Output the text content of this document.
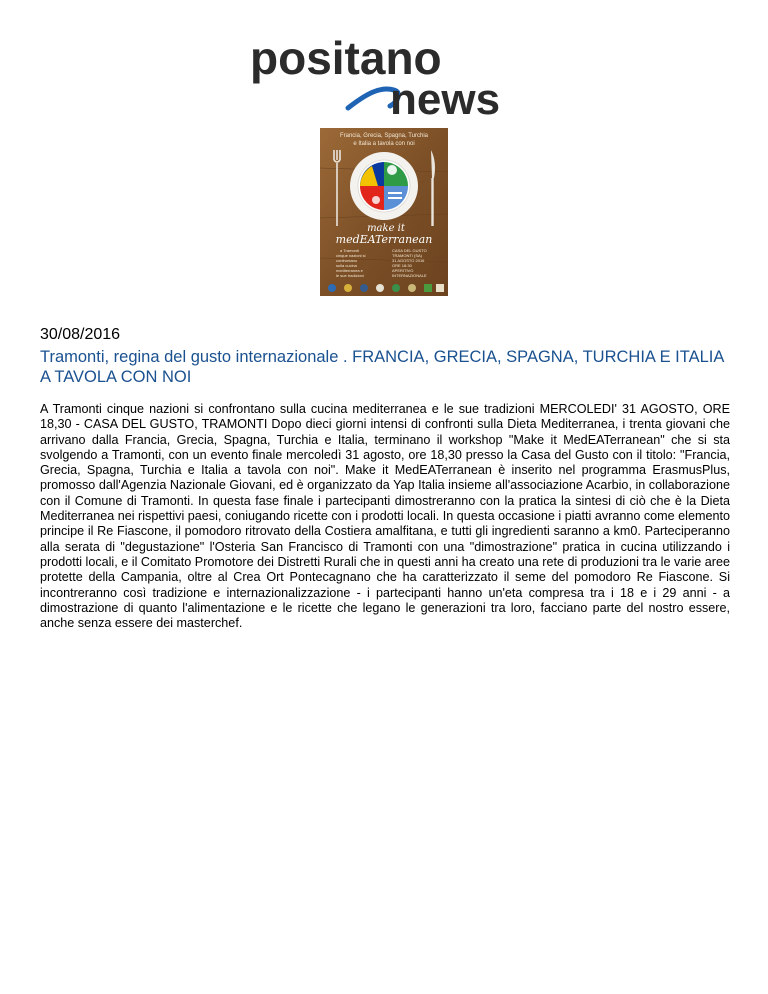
positano
news
Francia, Grecia, Spagna, Turchia
e Italia a tavola con noi
make it
medEATerranean
a Tramonti
cinque nazioni si
confrontano
sulla cucina
mediterranea e
le sue tradizioni
CASA DEL GUSTO
TRAMONTI (SA)
31 AGOSTO 2016
ORE 18:30
APERITIVO
INTERNAZIONALE
30/08/2016
Tramonti, regina del gusto internazionale . FRANCIA, GRECIA, SPAGNA, TURCHIA E ITALIA A TAVOLA CON NOI
A Tramonti cinque nazioni si confrontano sulla cucina mediterranea e le sue tradizioni MERCOLEDI' 31 AGOSTO, ORE 18,30 - CASA DEL GUSTO, TRAMONTI Dopo dieci giorni intensi di confronti sulla Dieta Mediterranea, i trenta giovani che arrivano dalla Francia, Grecia, Spagna, Turchia e Italia, terminano il workshop "Make it MedEATerranean" che si sta svolgendo a Tramonti, con un evento finale mercoledì 31 agosto, ore 18,30 presso la Casa del Gusto con il titolo: "Francia, Grecia, Spagna, Turchia e Italia a tavola con noi". Make it MedEATerranean è inserito nel programma ErasmusPlus, promosso dall'Agenzia Nazionale Giovani, ed è organizzato da Yap Italia insieme all'associazione Acarbio, in collaborazione con il Comune di Tramonti. In questa fase finale i partecipanti dimostreranno con la pratica la sintesi di ciò che è la Dieta Mediterranea nei rispettivi paesi, coniugando ricette con i prodotti locali. In questa occasione i piatti avranno come elemento principe il Re Fiascone, il pomodoro ritrovato della Costiera amalfitana, e tutti gli ingredienti saranno a km0. Parteciperanno alla serata di "degustazione" l'Osteria San Francisco di Tramonti con una "dimostrazione" pratica in cucina utilizzando i prodotti locali, e il Comitato Promotore dei Distretti Rurali che in questi anni ha creato una rete di produzioni tra le varie aree protette della Campania, oltre al Crea Ort Pontecagnano che ha caratterizzato il seme del pomodoro Re Fiascone. Si incontreranno così tradizione e internazionalizzazione - i partecipanti hanno un'eta compresa tra i 18 e i 29 anni - a dimostrazione di quanto l'alimentazione e le ricette che legano le generazioni tra loro, facciano parte del nostro essere, anche senza essere dei masterchef.
